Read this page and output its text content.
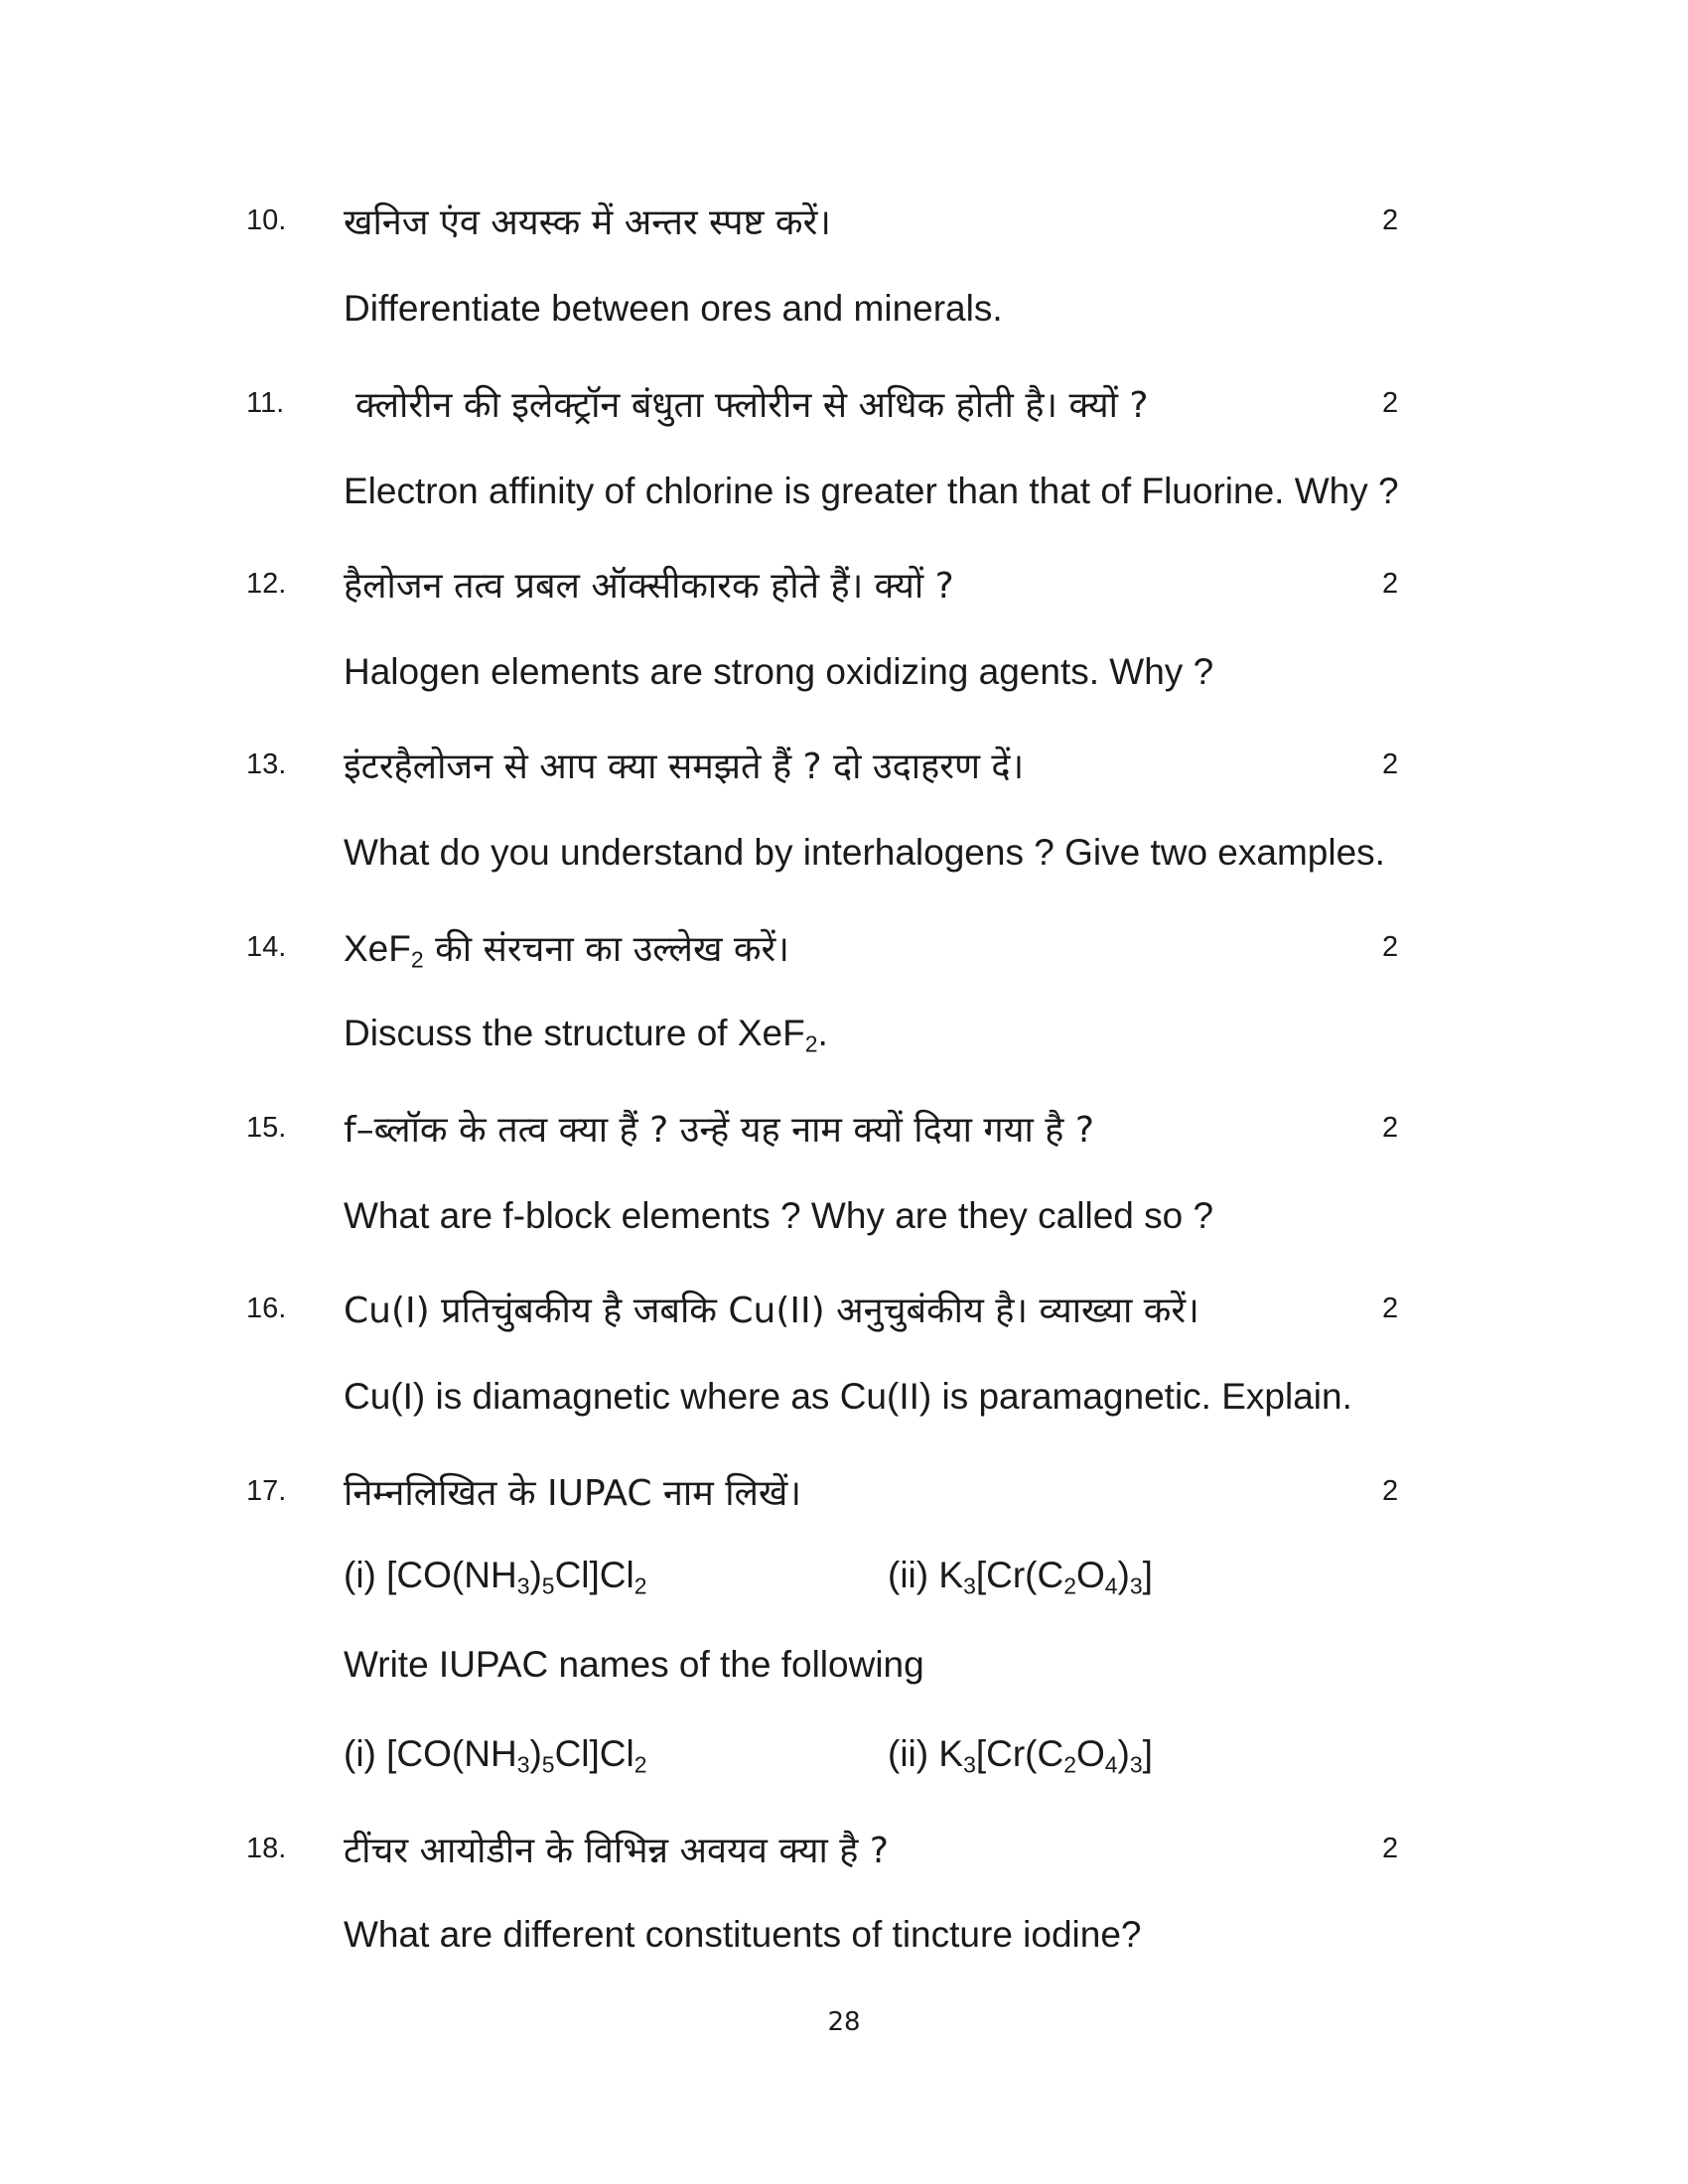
10. खनिज एंव अयस्क में अन्तर स्पष्ट करें।	2
Differentiate between ores and minerals.
11. क्लोरीन की इलेक्ट्रॉन बंधुता फ्लोरीन से अधिक होती है। क्यों ?	2
Electron affinity of chlorine is greater than that of Fluorine. Why ?
12. हैलोजन तत्व प्रबल ऑक्सीकारक होते हैं। क्यों ?	2
Halogen elements are strong oxidizing agents. Why ?
13. इंटरहैलोजन से आप क्या समझते हैं ? दो उदाहरण दें।	2
What do you understand by interhalogens ? Give two examples.
14. XeF$_2$ की संरचना का उल्लेख करें।	2
Discuss the structure of XeF$_2$.
15. f–ब्लॉक के तत्व क्या हैं ? उन्हें यह नाम क्यों दिया गया है ?	2
What are f-block elements ? Why are they called so ?
16. Cu(I) प्रतिचुंबकीय है जबकि Cu(II) अनुचुबंकीय है। व्याख्या करें।	2
Cu(I) is diamagnetic where as Cu(II) is paramagnetic. Explain.
17. निम्नलिखित के IUPAC नाम लिखें।	2
(i) $[CO(NH_3)_5Cl]Cl_2$	(ii) $K_3[Cr(C_2O_4)_3]$
Write IUPAC names of the following
(i) $[CO(NH_3)_5Cl]Cl_2$	(ii) $K_3[Cr(C_2O_4)_3]$
18. टींचर आयोडीन के विभिन्न अवयव क्या है ?	2
What are different constituents of tincture iodine?
28
